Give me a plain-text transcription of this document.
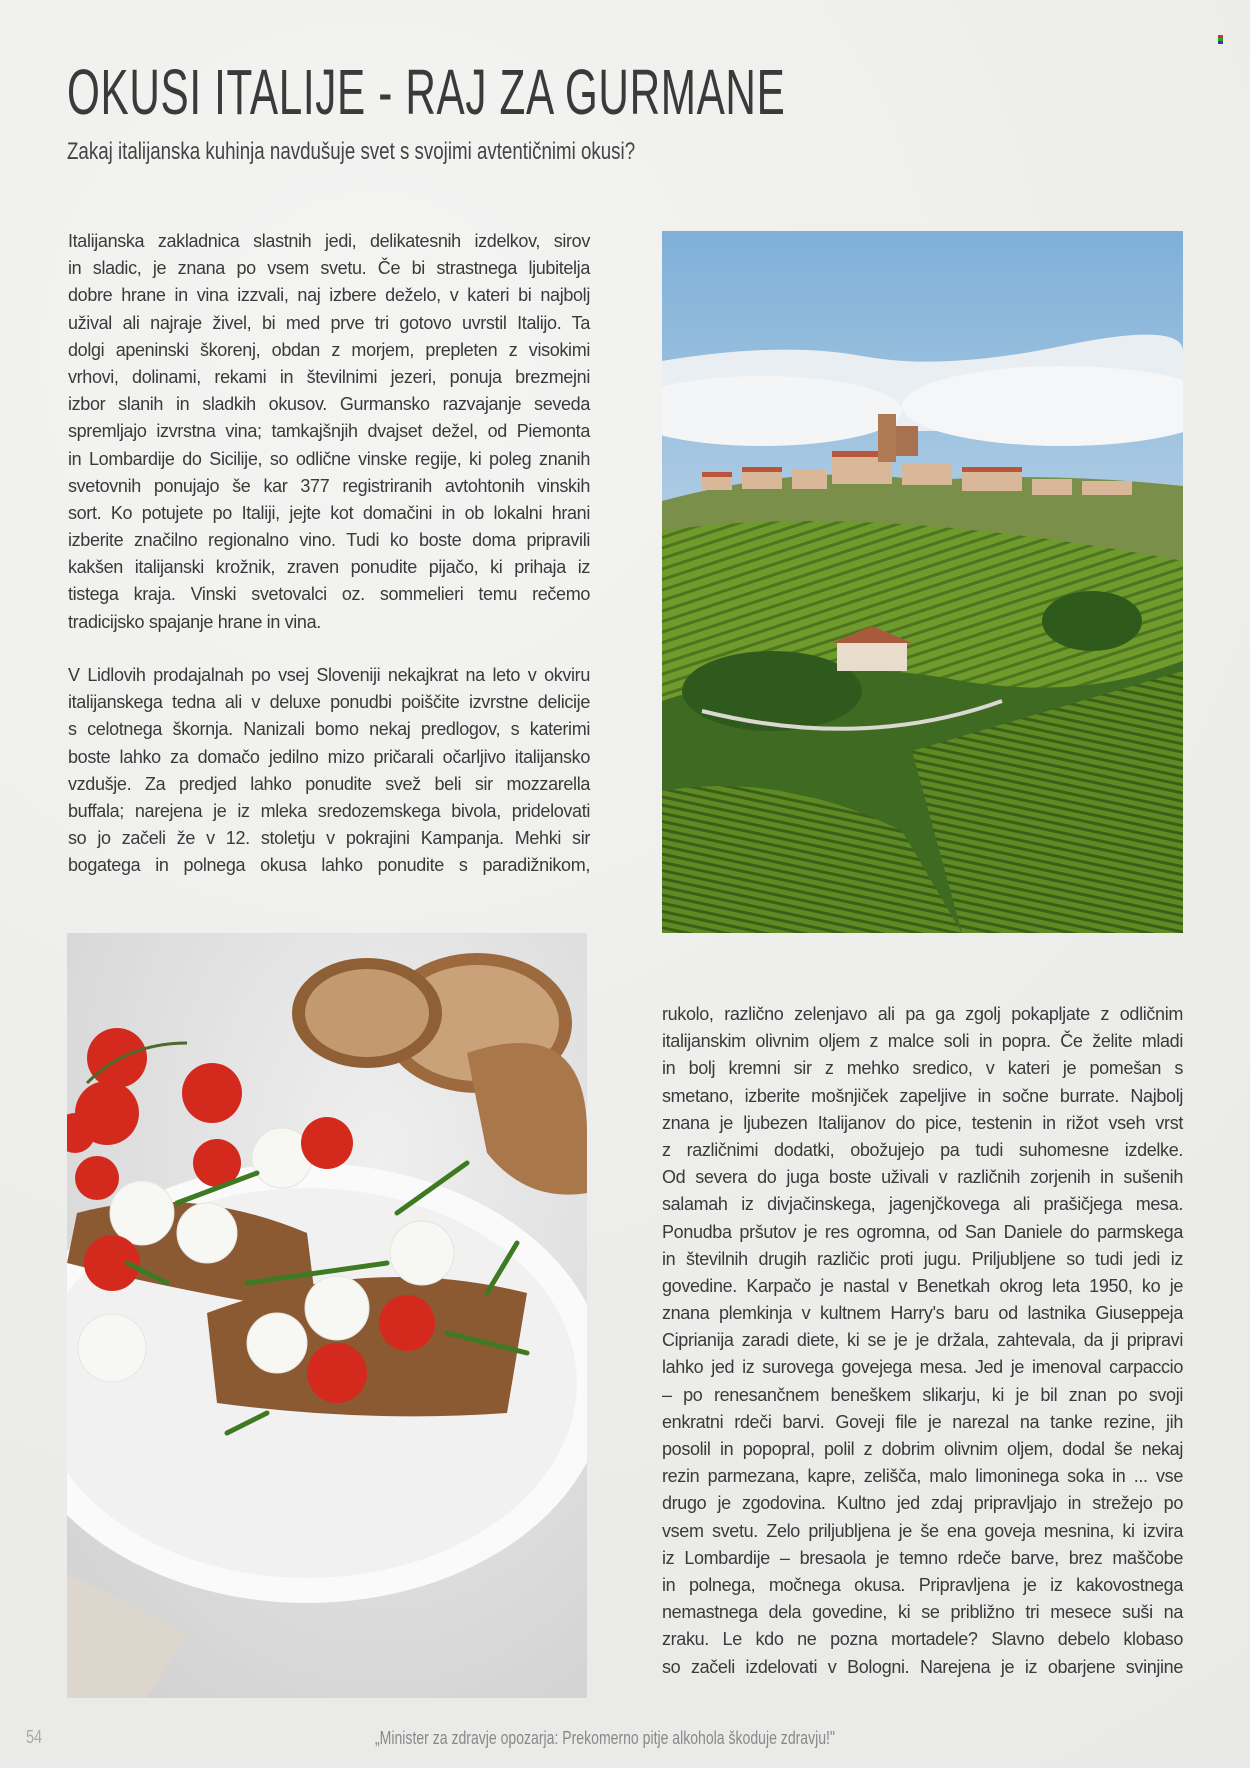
OKUSI ITALIJE - RAJ ZA GURMANE
Zakaj italijanska kuhinja navdušuje svet s svojimi avtentičnimi okusi?
Italijanska zakladnica slastnih jedi, delikatesnih izdelkov, sirov
in sladic, je znana po vsem svetu. Če bi strastnega ljubitelja
dobre hrane in vina izzvali, naj izbere deželo, v kateri bi najbolj
užival ali najraje živel, bi med prve tri gotovo uvrstil Italijo. Ta
dolgi apeninski škorenj, obdan z morjem, prepleten z visokimi
vrhovi, dolinami, rekami in številnimi jezeri, ponuja brezmejni
izbor slanih in sladkih okusov. Gurmansko razvajanje seveda
spremljajo izvrstna vina; tamkajšnjih dvajset dežel, od Piemonta
in Lombardije do Sicilije, so odlične vinske regije, ki poleg znanih
svetovnih ponujajo še kar 377 registriranih avtohtonih vinskih
sort. Ko potujete po Italiji, jejte kot domačini in ob lokalni hrani
izberite značilno regionalno vino. Tudi ko boste doma pripravili
kakšen italijanski krožnik, zraven ponudite pijačo, ki prihaja iz
tistega kraja. Vinski svetovalci oz. sommelieri temu rečemo
tradicijsko spajanje hrane in vina.
V Lidlovih prodajalnah po vsej Sloveniji nekajkrat na leto v okviru
italijanskega tedna ali v deluxe ponudbi poiščite izvrstne delicije
s celotnega škornja. Nanizali bomo nekaj predlogov, s katerimi
boste lahko za domačo jedilno mizo pričarali očarljivo italijansko
vzdušje. Za predjed lahko ponudite svež beli sir mozzarella
buffala; narejena je iz mleka sredozemskega bivola, pridelovati
so jo začeli že v 12. stoletju v pokrajini Kampanja. Mehki sir
bogatega in polnega okusa lahko ponudite s paradižnikom,
rukolo, različno zelenjavo ali pa ga zgolj pokapljate z odličnim
italijanskim olivnim oljem z malce soli in popra. Če želite mladi
in bolj kremni sir z mehko sredico, v kateri je pomešan s
smetano, izberite mošnjiček zapeljive in sočne burrate. Najbolj
znana je ljubezen Italijanov do pice, testenin in rižot vseh vrst
z različnimi dodatki, obožujejo pa tudi suhomesne izdelke.
Od severa do juga boste uživali v različnih zorjenih in sušenih
salamah iz divjačinskega, jagenjčkovega ali prašičjega mesa.
Ponudba pršutov je res ogromna, od San Daniele do parmskega
in številnih drugih različic proti jugu. Priljubljene so tudi jedi iz
govedine. Karpačo je nastal v Benetkah okrog leta 1950, ko je
znana plemkinja v kultnem Harry's baru od lastnika Giuseppeja
Ciprianija zaradi diete, ki se je je držala, zahtevala, da ji pripravi
lahko jed iz surovega govejega mesa. Jed je imenoval carpaccio
– po renesančnem beneškem slikarju, ki je bil znan po svoji
enkratni rdeči barvi. Goveji file je narezal na tanke rezine, jih
posolil in popopral, polil z dobrim olivnim oljem, dodal še nekaj
rezin parmezana, kapre, zelišča, malo limoninega soka in ... vse
drugo je zgodovina. Kultno jed zdaj pripravljajo in strežejo po
vsem svetu. Zelo priljubljena je še ena goveja mesnina, ki izvira
iz Lombardije – bresaola je temno rdeče barve, brez maščobe
in polnega, močnega okusa. Pripravljena je iz kakovostnega
nemastnega dela govedine, ki se približno tri mesece suši na
zraku. Le kdo ne pozna mortadele? Slavno debelo klobaso
so začeli izdelovati v Bologni. Narejena je iz obarjene svinjine
54	„Minister za zdravje opozarja: Prekomerno pitje alkohola škoduje zdravju!"
